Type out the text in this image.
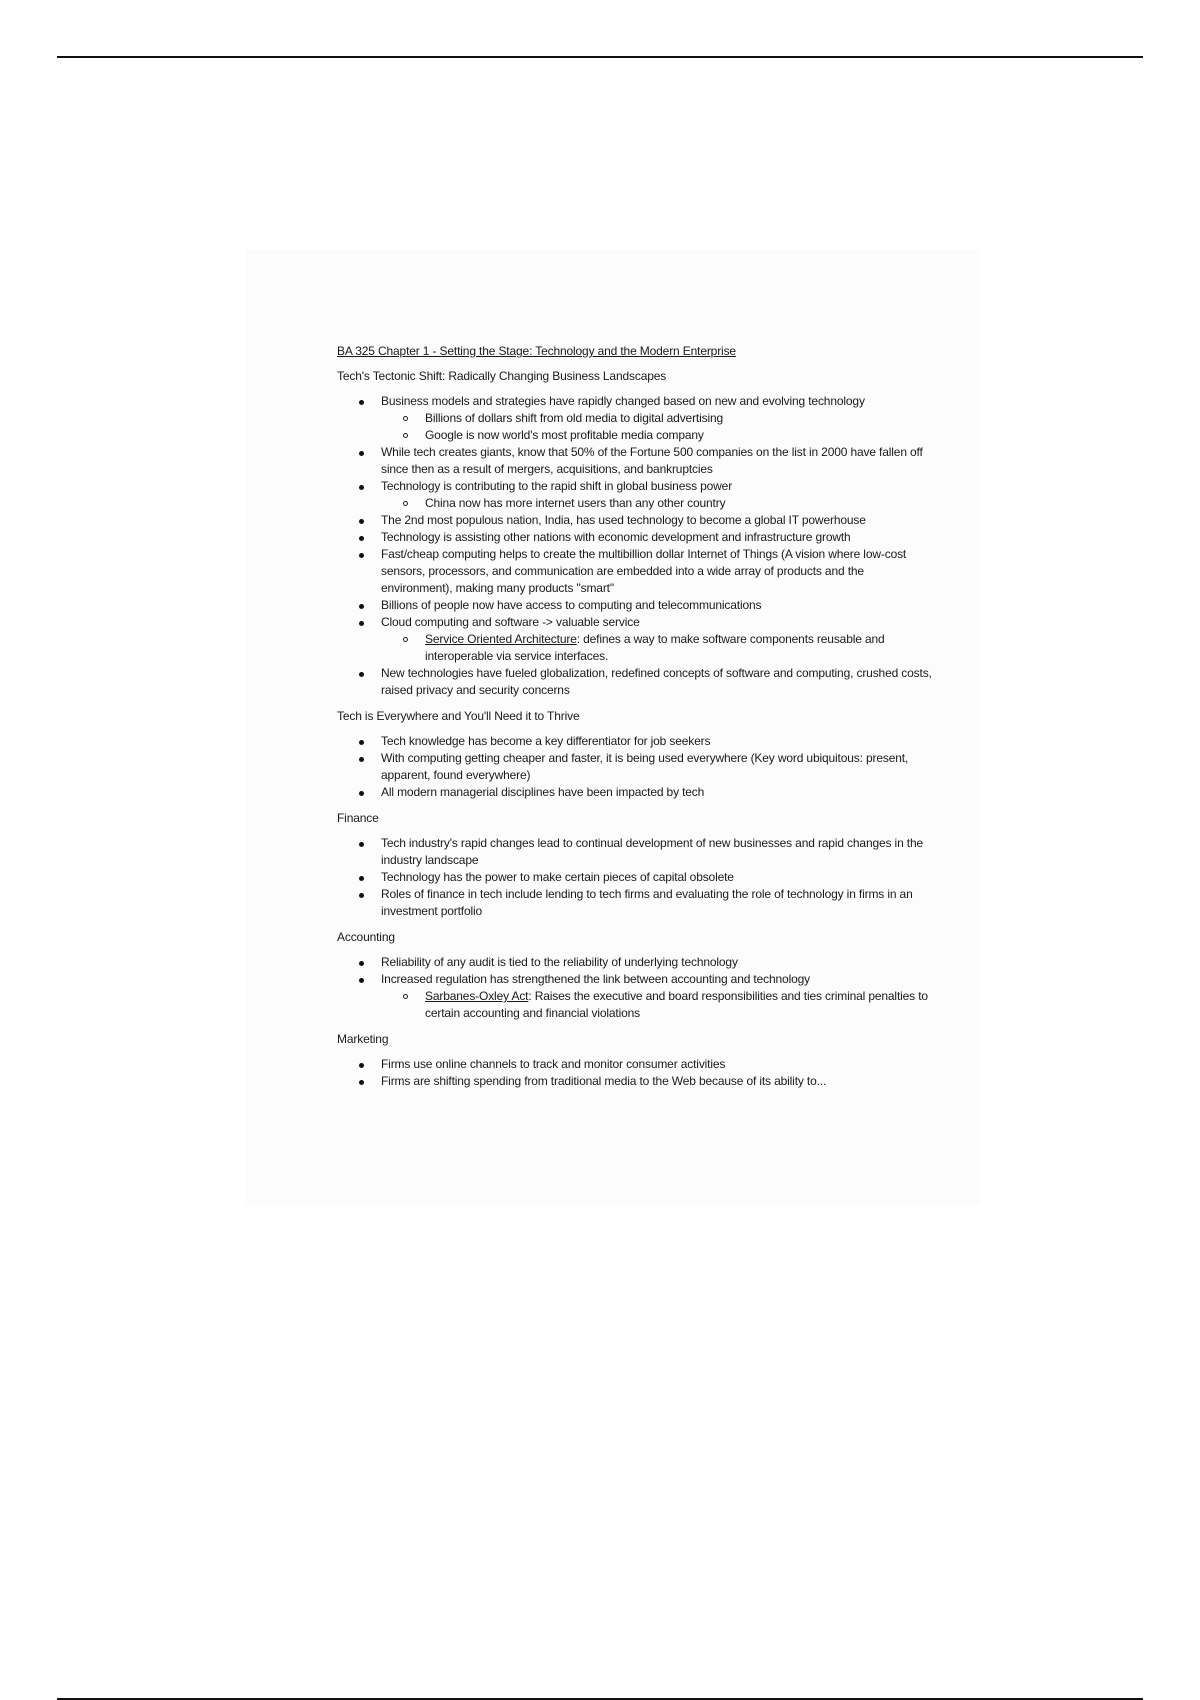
BA 325 Chapter 1 - Setting the Stage: Technology and the Modern Enterprise
Tech's Tectonic Shift: Radically Changing Business Landscapes
Business models and strategies have rapidly changed based on new and evolving technology
Billions of dollars shift from old media to digital advertising
Google is now world's most profitable media company
While tech creates giants, know that 50% of the Fortune 500 companies on the list in 2000 have fallen off since then as a result of mergers, acquisitions, and bankruptcies
Technology is contributing to the rapid shift in global business power
China now has more internet users than any other country
The 2nd most populous nation, India, has used technology to become a global IT powerhouse
Technology is assisting other nations with economic development and infrastructure growth
Fast/cheap computing helps to create the multibillion dollar Internet of Things (A vision where low-cost sensors, processors, and communication are embedded into a wide array of products and the environment), making many products "smart"
Billions of people now have access to computing and telecommunications
Cloud computing and software -> valuable service
Service Oriented Architecture: defines a way to make software components reusable and interoperable via service interfaces.
New technologies have fueled globalization, redefined concepts of software and computing, crushed costs, raised privacy and security concerns
Tech is Everywhere and You'll Need it to Thrive
Tech knowledge has become a key differentiator for job seekers
With computing getting cheaper and faster, it is being used everywhere (Key word ubiquitous: present, apparent, found everywhere)
All modern managerial disciplines have been impacted by tech
Finance
Tech industry's rapid changes lead to continual development of new businesses and rapid changes in the industry landscape
Technology has the power to make certain pieces of capital obsolete
Roles of finance in tech include lending to tech firms and evaluating the role of technology in firms in an investment portfolio
Accounting
Reliability of any audit is tied to the reliability of underlying technology
Increased regulation has strengthened the link between accounting and technology
Sarbanes-Oxley Act: Raises the executive and board responsibilities and ties criminal penalties to certain accounting and financial violations
Marketing
Firms use online channels to track and monitor consumer activities
Firms are shifting spending from traditional media to the Web because of its ability to...
